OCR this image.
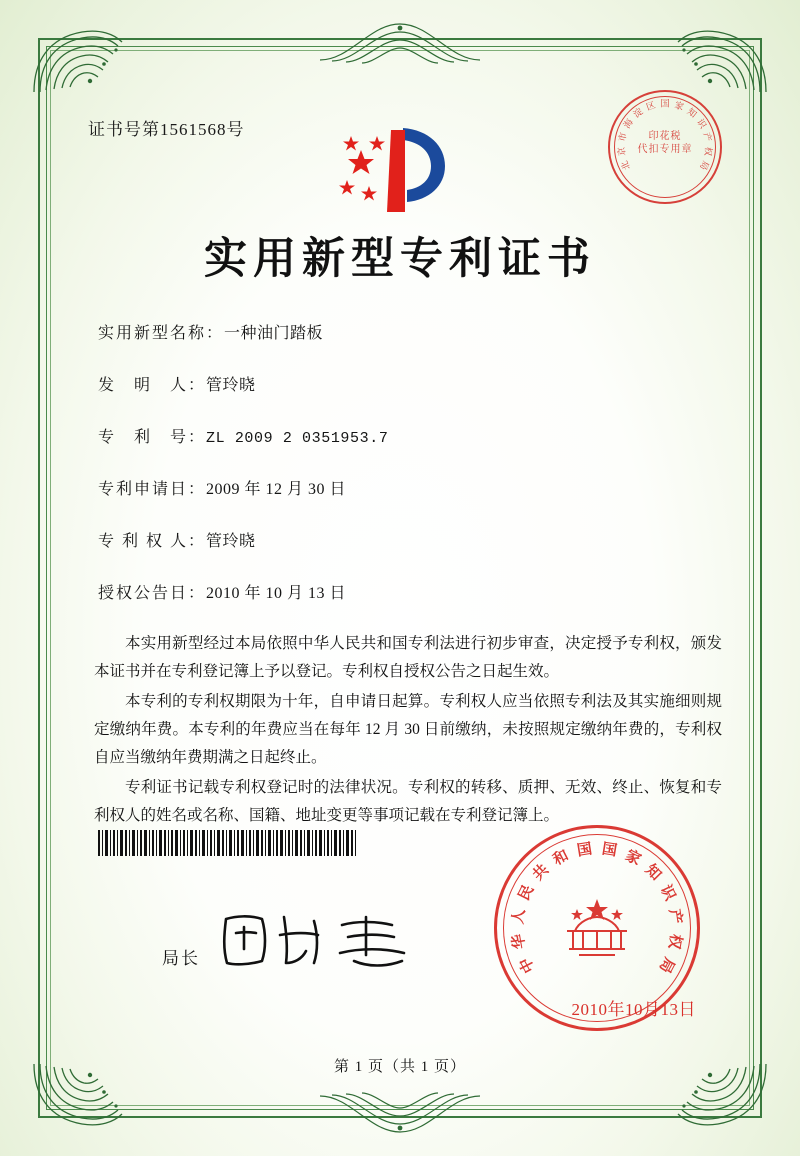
证书号第1561568号
北
京
市
海
淀
区 国 家
知
识
产
权
局
印花税
代扣专用章
实用新型专利证书
实用新型名称：一种油门踏板
发　明　人：管玲晓
专　利　号：ZL 2009 2 0351953.7
专利申请日：2009 年 12 月 30 日
专 利 权 人：管玲晓
授权公告日：2010 年 10 月 13 日

本实用新型经过本局依照中华人民共和国专利法进行初步审查，决定授予专利权，颁发本证书并在专利登记簿上予以登记。专利权自授权公告之日起生效。

本专利的专利权期限为十年，自申请日起算。专利权人应当依照专利法及其实施细则规定缴纳年费。本专利的年费应当在每年 12 月 30 日前缴纳，未按照规定缴纳年费的，专利权自应当缴纳年费期满之日起终止。

专利证书记载专利权登记时的法律状况。专利权的转移、质押、无效、终止、恢复和专利权人的姓名或名称、国籍、地址变更等事项记载在专利登记簿上。

局长	中
华
人
民
共
和 国 国 家
知
识
产
权
局
2010年10月13日
第 1 页（共 1 页）
